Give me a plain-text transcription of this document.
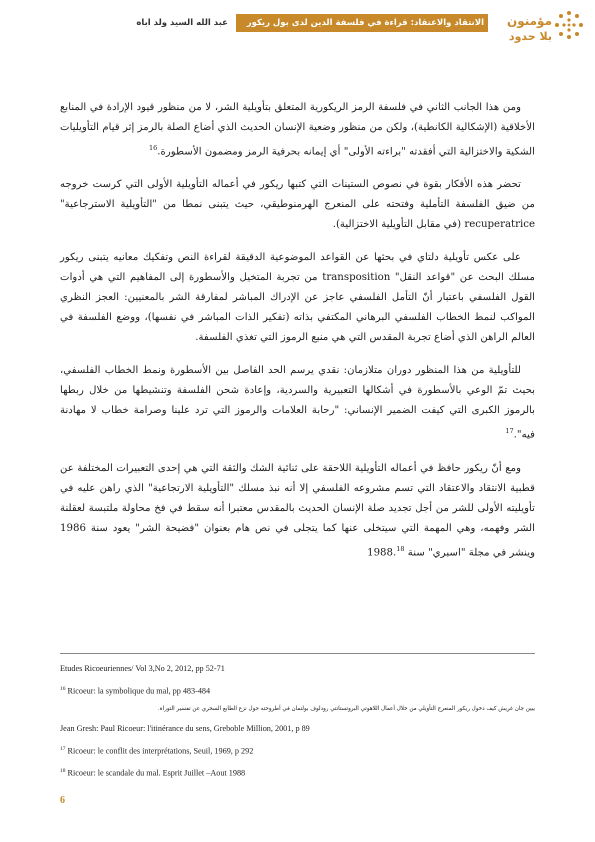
مؤمنون
بلا حدود
الانتقاد والاعتقاد: قراءة في فلسفة الدين لدى بول ريكور
عبد الله السيد ولد اباه

ومن هذا الجانب الثاني في فلسفة الرمز الريكورية المتعلق بتأويلية الشر، لا من منظور قيود الإرادة في المنابع الأخلاقية (الإشكالية الكانطية)، ولكن من منظور وضعية الإنسان الحديث الذي أضاع الصلة بالرمز إثر قيام التأويليات الشكية والاختزالية التي أفقدته "براءته الأولى" أي إيمانه بحرفية الرمز ومضمون الأسطورة.$^{16}$

تحضر هذه الأفكار بقوة في نصوص الستينات التي كتبها ريكور في أعماله التأويلية الأولى التي كرست خروجه من ضيق الفلسفة التأملية وفتحته على المنعرج الهرمنوطيقي، حيث يتبنى نمطا من "التأويلية الاسترجاعية" recuperatrice (في مقابل التأويلية الاختزالية).

على عكس تأويلية دلتاي في بحثها عن القواعد الموضوعية الدقيقة لقراءة النص وتفكيك معانيه يتبنى ريكور مسلك البحث عن "قواعد النقل" transposition من تجربة المتخيل والأسطورة إلى المفاهيم التي هي أدوات القول الفلسفي باعتبار أنّ التأمل الفلسفي عاجز عن الإدراك المباشر لمفارقة الشر بالمعنيين: العجز النظري المواكب لنمط الخطاب الفلسفي البرهاني المكتفي بذاته (تفكير الذات المباشر في نفسها)، ووضع الفلسفة في العالم الراهن الذي أضاع تجربة المقدس التي هي منبع الرموز التي تغذي الفلسفة.

للتأويلية من هذا المنظور دوران متلازمان: نقدي يرسم الحد الفاصل بين الأسطورة ونمط الخطاب الفلسفي، بحيث تمّ الوعي بالأسطورة في أشكالها التعبيرية والسردية، وإعادة شحن الفلسفة وتنشيطها من خلال ربطها بالرموز الكبرى التي كيفت الضمير الإنساني: "رحابة العلامات والرموز التي ترد علينا وصرامة خطاب لا مهادنة فيه".$^{17}$

ومع أنّ ريكور حافظ في أعماله التأويلية اللاحقة على ثنائية الشك والثقة التي هي إحدى التعبيرات المختلفة عن قطبية الانتقاد والاعتقاد التي تسم مشروعه الفلسفي إلا أنه نبذ مسلك "التأويلية الارتجاعية" الذي راهن عليه في تأويليته الأولى للشر من أجل تجديد صلة الإنسان الحديث بالمقدس معتبرا أنه سقط في فخ محاولة ملتبسة لعقلنة الشر وفهمه، وهي المهمة التي سيتخلى عنها كما يتجلى في نص هام بعنوان "فضيحة الشر" يعود سنة 1986 وينشر في مجلة "اسبري" سنة 1988.18

Etudes Ricoeuriennes/ Vol 3,No 2, 2012, pp 52-71

$^{16}$ Ricoeur: la symbolique du mal, pp 483-484

يبين جان غريش كيف دخول ريكور المنعرج التأويلي من خلال أعمال اللاهوتي البروتستانتي رودلوف بولتمان في أطروحته حول نزع الطابع السحري عن تفسير التوراة.

Jean Gresh: Paul Ricoeur: l'itinérance du sens, Greboble Million, 2001, p 89

$^{17}$ Ricoeur: le conflit des interprétations, Seuil, 1969, p 292

$^{18}$ Ricoeur: le scandale du mal. Esprit Juillet –Aout 1988

6
